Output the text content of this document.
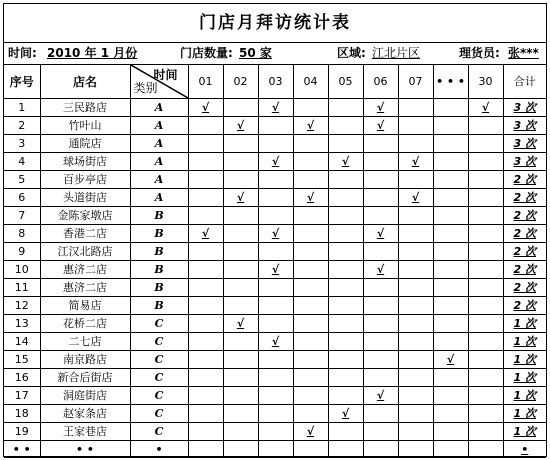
门店月拜访统计表
时间: 2010 年 1 月份	门店数量: 50 家	区域: 江北片区	理货员: 张***
序号	店名	时间
类别	01	02	03	04	05	06	07	• • •	30	合计
1	三民路店	A	√		√			√			√	3 次
2	竹叶山	A		√		√		√				3 次
3	通院店	A										3 次
4	球场街店	A			√		√		√			3 次
5	百步亭店	A										2 次
6	头道街店	A		√		√			√			2 次
7	金陈家墩店	B										2 次
8	香港二店	B	√		√			√				2 次
9	江汉北路店	B										2 次
10	惠济二店	B			√			√				2 次
11	惠济二店	B										2 次
12	简易店	B										2 次
13	花桥二店	C		√								1 次
14	二七店	C			√							1 次
15	南京路店	C								√		1 次
16	新合后街店	C										1 次
17	洞庭街店	C						√				1 次
18	赵家条店	C					√					1 次
19	王家巷店	C				√						1 次
• •	• •	•										•
